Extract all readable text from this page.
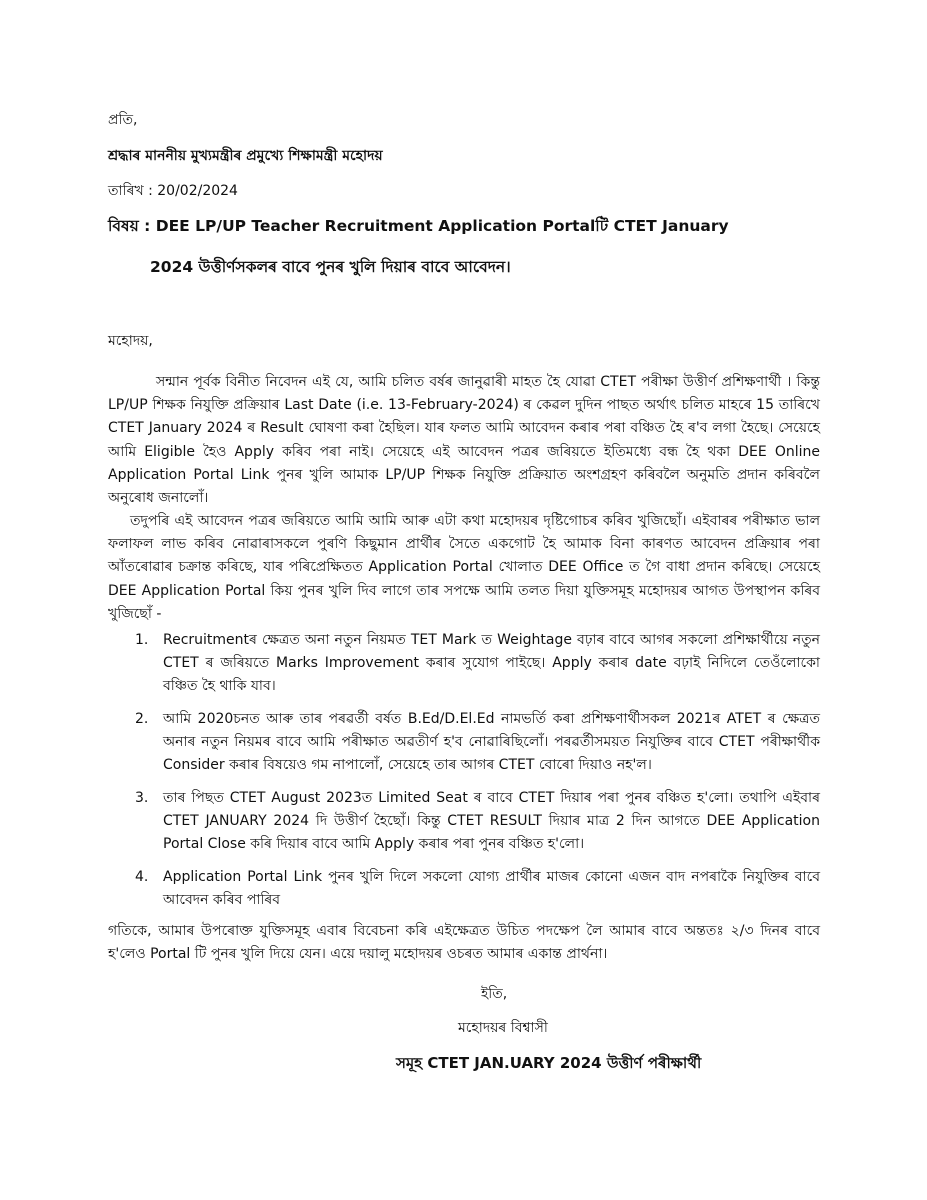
প্ৰতি,
শ্ৰদ্ধাৰ মাননীয় মুখ্যমন্ত্ৰীৰ প্ৰমুখ্যে শিক্ষামন্ত্ৰী মহোদয়
তাৰিখ : 20/02/2024
বিষয় : DEE LP/UP Teacher Recruitment Application Portalটি CTET January
2024 উত্তীৰ্ণসকলৰ বাবে পুনৰ খুলি দিয়াৰ বাবে আবেদন।
মহোদয়,
সন্মান পূৰ্বক বিনীত নিবেদন এই যে, আমি চলিত বৰ্ষৰ জানুৱাৰী মাহত হৈ যোৱা CTET পৰীক্ষা উত্তীৰ্ণ প্ৰশিক্ষণাৰ্থী । কিন্তু LP/UP শিক্ষক নিযুক্তি প্ৰক্ৰিয়াৰ Last Date (i.e. 13-February-2024) ৰ কেৱল দুদিন পাছত অৰ্থাৎ চলিত মাহৰে 15 তাৰিখে CTET January 2024 ৰ Result ঘোষণা কৰা হৈছিল। যাৰ ফলত আমি আবেদন কৰাৰ পৰা বঞ্চিত হৈ ৰ'ব লগা হৈছে। সেয়েহে আমি Eligible হৈও Apply কৰিব পৰা নাই। সেয়েহে এই আবেদন পত্ৰৰ জৰিয়তে ইতিমধ্যে বন্ধ হৈ থকা DEE Online Application Portal Link পুনৰ খুলি আমাক LP/UP শিক্ষক নিযুক্তি প্ৰক্ৰিয়াত অংশগ্ৰহণ কৰিবলৈ অনুমতি প্ৰদান কৰিবলৈ অনুৰোধ জনালোঁ।
তদুপৰি এই আবেদন পত্ৰৰ জৰিয়তে আমি আমি আৰু এটা কথা মহোদয়ৰ দৃষ্টিগোচৰ কৰিব খুজিছোঁ। এইবাৰৰ পৰীক্ষাত ভাল ফলাফল লাভ কৰিব নোৱাৰাসকলে পুৰণি কিছুমান প্ৰাৰ্থীৰ সৈতে একগোট হৈ আমাক বিনা কাৰণত আবেদন প্ৰক্ৰিয়াৰ পৰা আঁতৰোৱাৰ চক্ৰান্ত কৰিছে, যাৰ পৰিপ্ৰেক্ষিতত Application Portal খোলাত DEE Office ত গৈ বাধা প্ৰদান কৰিছে। সেয়েহে DEE Application Portal কিয় পুনৰ খুলি দিব লাগে তাৰ সপক্ষে আমি তলত দিয়া যুক্তিসমূহ মহোদয়ৰ আগত উপস্থাপন কৰিব খুজিছোঁ -
1.	Recruitmentৰ ক্ষেত্ৰত অনা নতুন নিয়মত TET Mark ত Weightage বঢ়াৰ বাবে আগৰ সকলো প্ৰশিক্ষাৰ্থীয়ে নতুন CTET ৰ জৰিয়তে Marks Improvement কৰাৰ সুযোগ পাইছে। Apply কৰাৰ date বঢ়াই নিদিলে তেওঁলোকো বঞ্চিত হৈ থাকি যাব।
2.	আমি 2020চনত আৰু তাৰ পৰৱৰ্তী বৰ্ষত B.Ed/D.El.Ed নামভৰ্তি কৰা প্ৰশিক্ষণাৰ্থীসকল 2021ৰ ATET ৰ ক্ষেত্ৰত অনাৰ নতুন নিয়মৰ বাবে আমি পৰীক্ষাত অৱতীৰ্ণ হ'ব নোৱাৰিছিলোঁ। পৰৱৰ্তীসময়ত নিযুক্তিৰ বাবে CTET পৰীক্ষাৰ্থীক Consider কৰাৰ বিষয়েও গম নাপালোঁ, সেয়েহে তাৰ আগৰ CTET বোৰো দিয়াও নহ'ল।
3.	তাৰ পিছত CTET August 2023ত Limited Seat ৰ বাবে CTET দিয়াৰ পৰা পুনৰ বঞ্চিত হ'লো। তথাপি এইবাৰ CTET JANUARY 2024 দি উত্তীৰ্ণ হৈছোঁ। কিন্তু CTET RESULT দিয়াৰ মাত্ৰ 2 দিন আগতে DEE Application Portal Close কৰি দিয়াৰ বাবে আমি Apply কৰাৰ পৰা পুনৰ বঞ্চিত হ'লো।
4.	Application Portal Link পুনৰ খুলি দিলে সকলো যোগ্য প্ৰাৰ্থীৰ মাজৰ কোনো এজন বাদ নপৰাকৈ নিযুক্তিৰ বাবে আবেদন কৰিব পাৰিব
গতিকে, আমাৰ উপৰোক্ত যুক্তিসমূহ এবাৰ বিবেচনা কৰি এইক্ষেত্ৰত উচিত পদক্ষেপ লৈ আমাৰ বাবে অন্ততঃ ২/৩ দিনৰ বাবে হ'লেও Portal টি পুনৰ খুলি দিয়ে যেন। এয়ে দয়ালু মহোদয়ৰ ওচৰত আমাৰ একান্ত প্ৰাৰ্থনা।
ইতি,
মহোদয়ৰ বিশ্বাসী
সমূহ CTET JAN.UARY 2024 উত্তীৰ্ণ পৰীক্ষাৰ্থী
